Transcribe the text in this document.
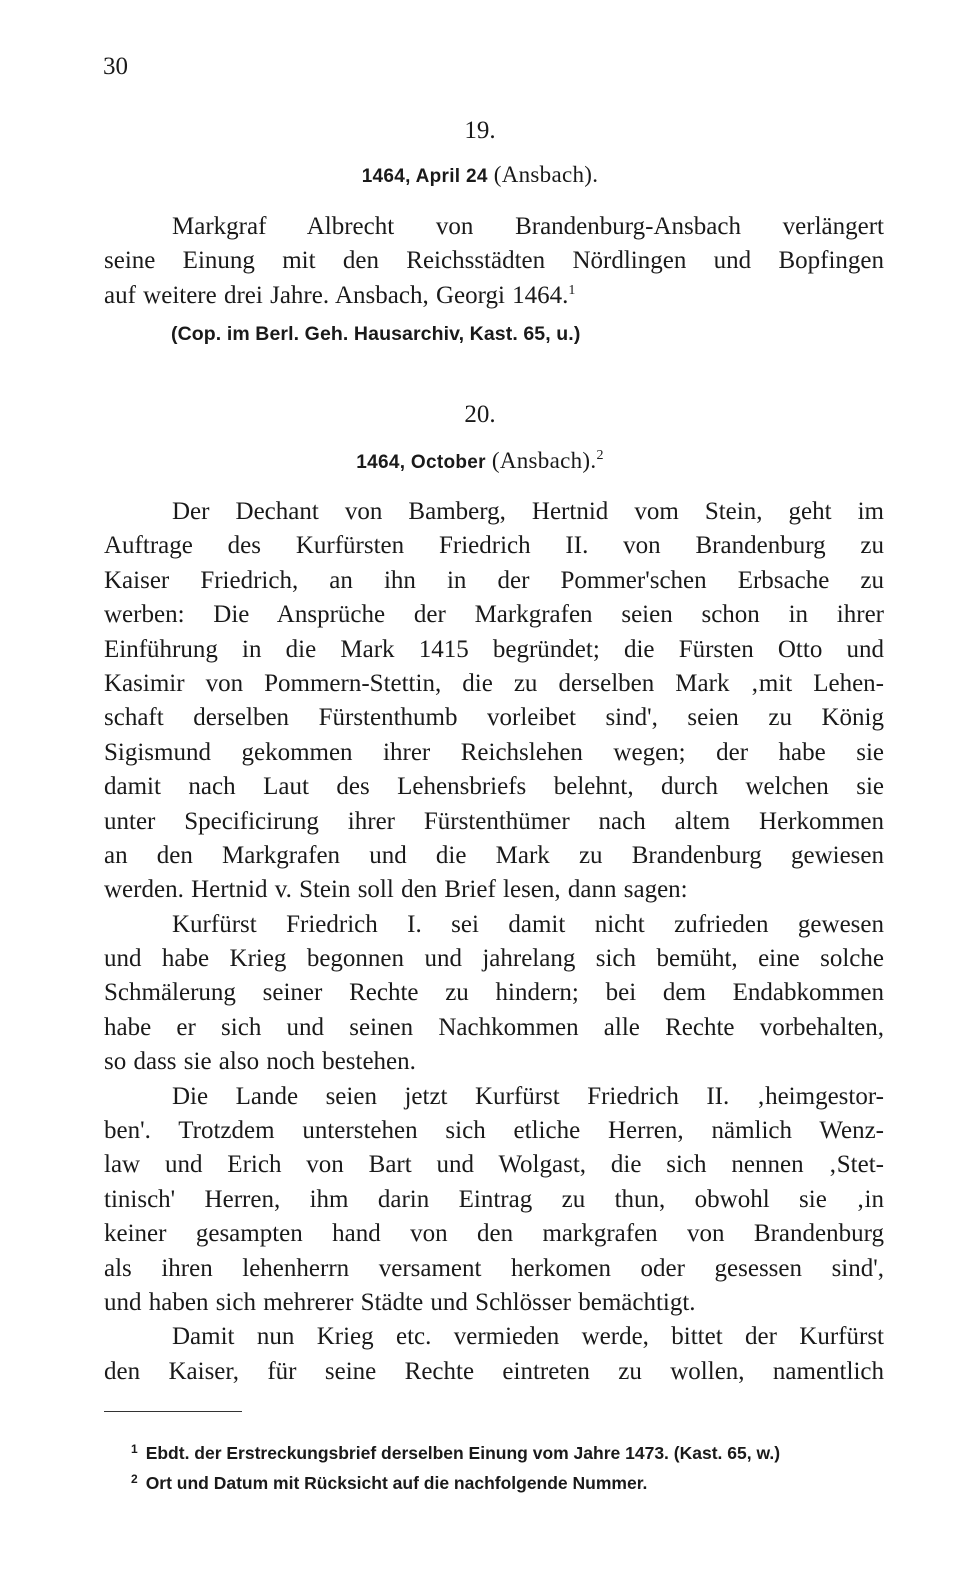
30
19.
1464, April 24 (Ansbach).
Markgraf Albrecht von Brandenburg-Ansbach verlängert
seine Einung mit den Reichsstädten Nördlingen und Bopfingen
auf weitere drei Jahre. Ansbach, Georgi 1464.$^1$
(Cop. im Berl. Geh. Hausarchiv, Kast. 65, u.)
20.
1464, October (Ansbach).$^2$
Der Dechant von Bamberg, Hertnid vom Stein, geht im
Auftrage des Kurfürsten Friedrich II. von Brandenburg zu
Kaiser Friedrich, an ihn in der Pommer'schen Erbsache zu
werben: Die Ansprüche der Markgrafen seien schon in ihrer
Einführung in die Mark 1415 begründet; die Fürsten Otto und
Kasimir von Pommern-Stettin, die zu derselben Mark ‚mit Lehen-
schaft derselben Fürstenthumb vorleibet sind', seien zu König
Sigismund gekommen ihrer Reichslehen wegen; der habe sie
damit nach Laut des Lehensbriefs belehnt, durch welchen sie
unter Specificirung ihrer Fürstenthümer nach altem Herkommen
an den Markgrafen und die Mark zu Brandenburg gewiesen
werden. Hertnid v. Stein soll den Brief lesen, dann sagen:
Kurfürst Friedrich I. sei damit nicht zufrieden gewesen
und habe Krieg begonnen und jahrelang sich bemüht, eine solche
Schmälerung seiner Rechte zu hindern; bei dem Endabkommen
habe er sich und seinen Nachkommen alle Rechte vorbehalten,
so dass sie also noch bestehen.
Die Lande seien jetzt Kurfürst Friedrich II. ‚heimgestor-
ben'. Trotzdem unterstehen sich etliche Herren, nämlich Wenz-
law und Erich von Bart und Wolgast, die sich nennen ‚Stet-
tinisch' Herren, ihm darin Eintrag zu thun, obwohl sie ‚in
keiner gesampten hand von den markgrafen von Brandenburg
als ihren lehenherrn versament herkomen oder gesessen sind',
und haben sich mehrerer Städte und Schlösser bemächtigt.
Damit nun Krieg etc. vermieden werde, bittet der Kurfürst
den Kaiser, für seine Rechte eintreten zu wollen, namentlich
$^1$ Ebdt. der Erstreckungsbrief derselben Einung vom Jahre 1473. (Kast. 65, w.)
$^2$ Ort und Datum mit Rücksicht auf die nachfolgende Nummer.
